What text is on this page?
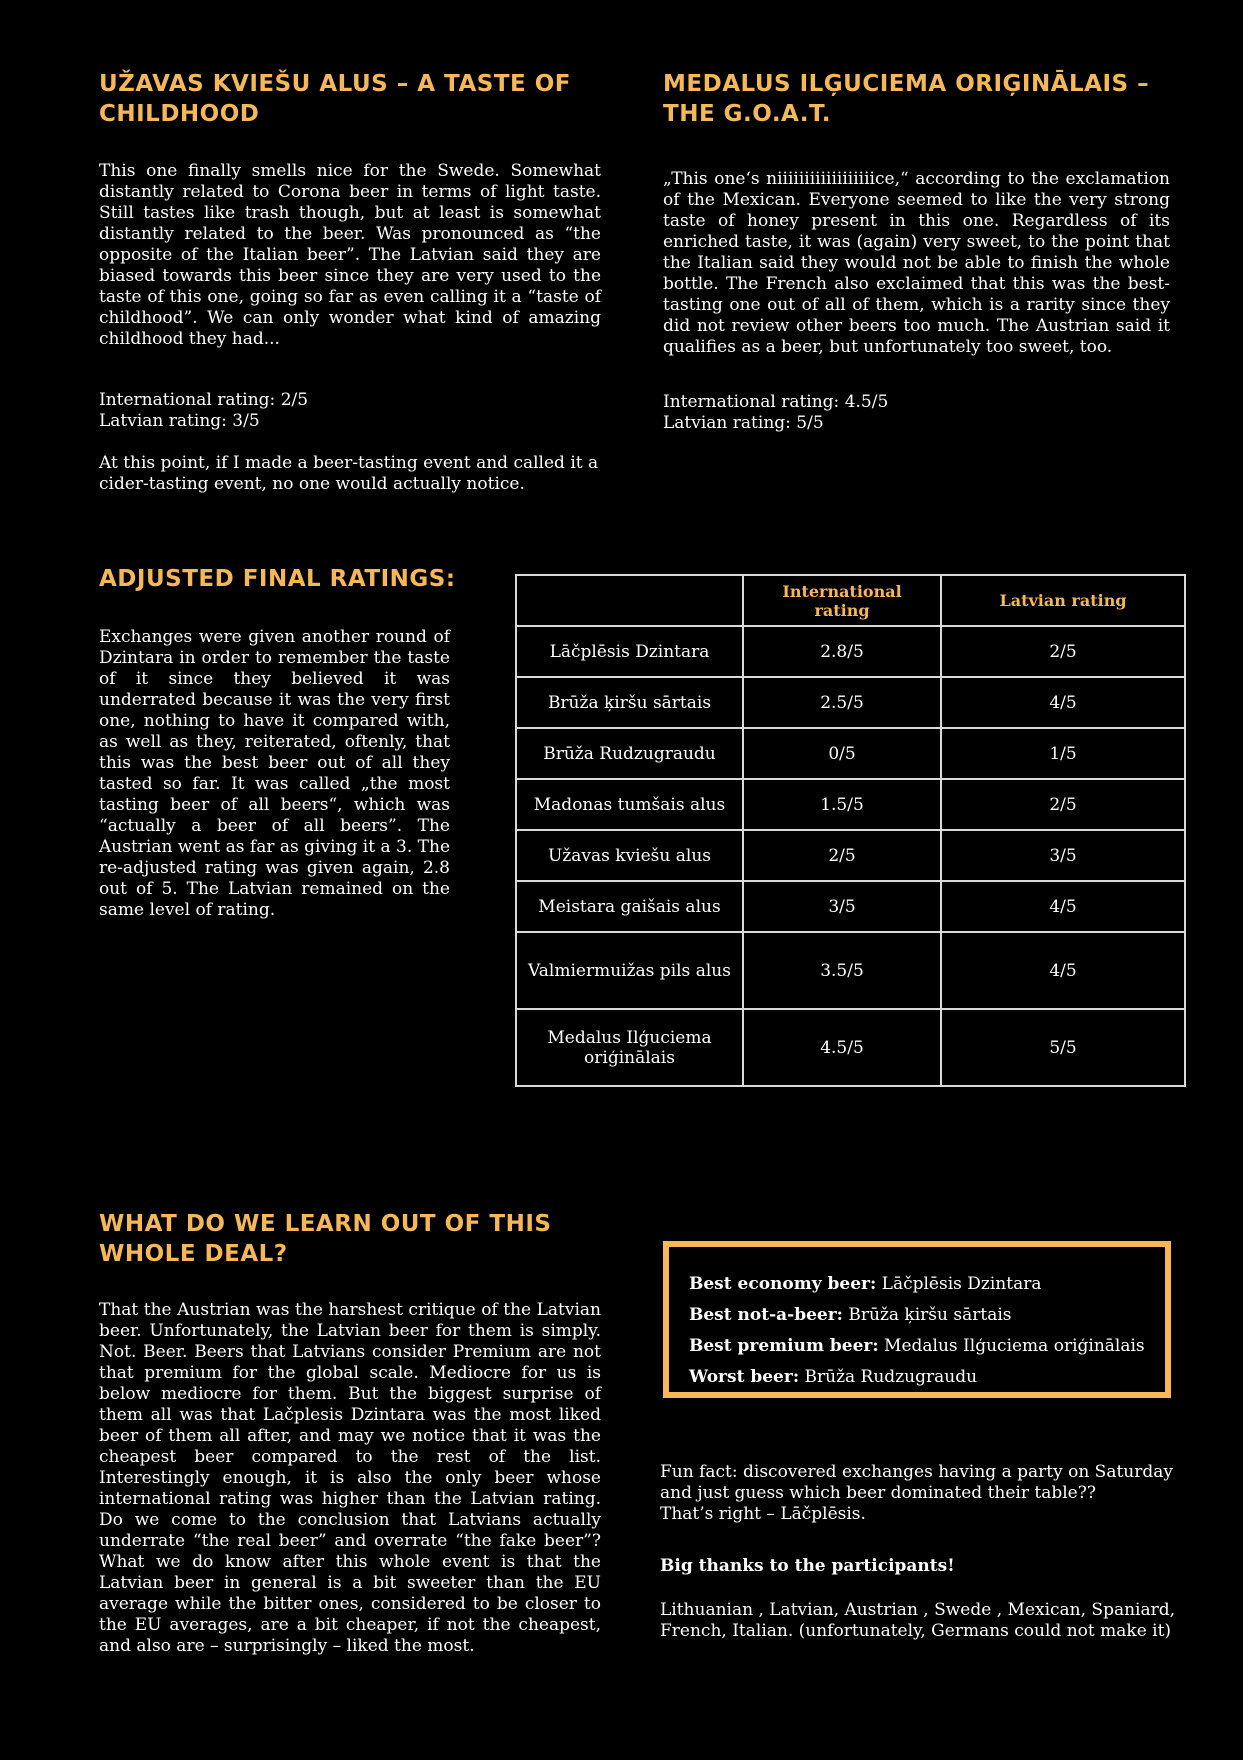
UŽAVAS KVIEŠU ALUS – A TASTE OF
CHILDHOOD

This one finally smells nice for the Swede. Somewhat distantly related to Corona beer in terms of light taste. Still tastes like trash though, but at least is somewhat distantly related to the beer. Was pronounced as “the opposite of the Italian beer”. The Latvian said they are biased towards this beer since they are very used to the taste of this one, going so far as even calling it a “taste of childhood”. We can only wonder what kind of amazing childhood they had...

International rating: 2/5
Latvian rating: 3/5

At this point, if I made a beer-tasting event and called it a cider-tasting event, no one would actually notice.

MEDALUS ILĢUCIEMA ORIĢINĀLAIS –
THE G.O.A.T.

„This one‘s niiiiiiiiiiiiiiiiiice,“ according to the exclamation of the Mexican. Everyone seemed to like the very strong taste of honey present in this one. Regardless of its enriched taste, it was (again) very sweet, to the point that the Italian said they would not be able to finish the whole bottle. The French also exclaimed that this was the best-tasting one out of all of them, which is a rarity since they did not review other beers too much. The Austrian said it qualifies as a beer, but unfortunately too sweet, too.

International rating: 4.5/5
Latvian rating: 5/5

ADJUSTED FINAL RATINGS:

Exchanges were given another round of Dzintara in order to remember the taste of it since they believed it was underrated because it was the very first one, nothing to have it compared with, as well as they, reiterated, oftenly, that this was the best beer out of all they tasted so far. It was called „the most tasting beer of all beers“, which was “actually a beer of all beers”. The Austrian went as far as giving it a 3. The re-adjusted rating was given again, 2.8 out of 5. The Latvian remained on the same level of rating.

	International rating	Latvian rating
Lāčplēsis Dzintara	2.8/5	2/5
Brūža ķiršu sārtais	2.5/5	4/5
Brūža Rudzugraudu	0/5	1/5
Madonas tumšais alus	1.5/5	2/5
Užavas kviešu alus	2/5	3/5
Meistara gaišais alus	3/5	4/5
Valmiermuižas pils alus	3.5/5	4/5
Medalus Ilģuciema oriģinālais	4.5/5	5/5
WHAT DO WE LEARN OUT OF THIS
WHOLE DEAL?

That the Austrian was the harshest critique of the Latvian beer. Unfortunately, the Latvian beer for them is simply. Not. Beer. Beers that Latvians consider Premium are not that premium for the global scale. Mediocre for us is below mediocre for them. But the biggest surprise of them all was that Lačplesis Dzintara was the most liked beer of them all after, and may we notice that it was the cheapest beer compared to the rest of the list. Interestingly enough, it is also the only beer whose international rating was higher than the Latvian rating. Do we come to the conclusion that Latvians actually underrate “the real beer” and overrate “the fake beer”? What we do know after this whole event is that the Latvian beer in general is a bit sweeter than the EU average while the bitter ones, considered to be closer to the EU averages, are a bit cheaper, if not the cheapest, and also are – surprisingly – liked the most.

Best economy beer: Lāčplēsis Dzintara
Best not-a-beer: Brūža ķiršu sārtais
Best premium beer: Medalus Ilģuciema oriģinālais
Worst beer: Brūža Rudzugraudu

Fun fact: discovered exchanges having a party on Saturday
and just guess which beer dominated their table??
That’s right – Lāčplēsis.

Big thanks to the participants!

Lithuanian , Latvian, Austrian , Swede , Mexican, Spaniard,
French, Italian. (unfortunately, Germans could not make it)
